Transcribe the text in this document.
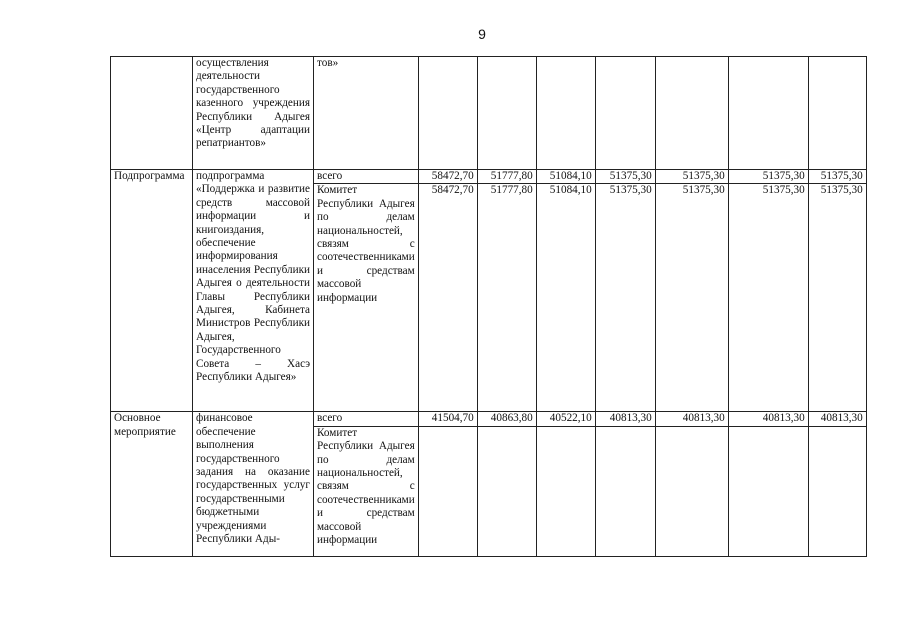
9
	осуществления деятельности государственного казенного учреждения Республики Адыгея «Центр адаптации репатриантов»	тов»							
Подпрограмма	подпрограмма «Поддержка и развитие средств массовой информации и книгоиздания, обеспечение информирования инаселения Республики Адыгея о деятельности Главы Республики Адыгея, Кабинета Министров Республики Адыгея, Государственного Совета – Хасэ Республики Адыгея»	всего	58472,70	51777,80	51084,10	51375,30	51375,30	51375,30	51375,30
		Комитет Республики Адыгея по делам национальностей, связям с соотечественниками и средствам массовой информации	58472,70	51777,80	51084,10	51375,30	51375,30	51375,30	51375,30
Основное мероприятие	финансовое обеспечение выполнения государственного задания на оказание государственных услуг государственными бюджетными учреждениями Республики Ады-	всего	41504,70	40863,80	40522,10	40813,30	40813,30	40813,30	40813,30
		Комитет Республики Адыгея по делам национальностей, связям с соотечественниками и средствам массовой информации							
